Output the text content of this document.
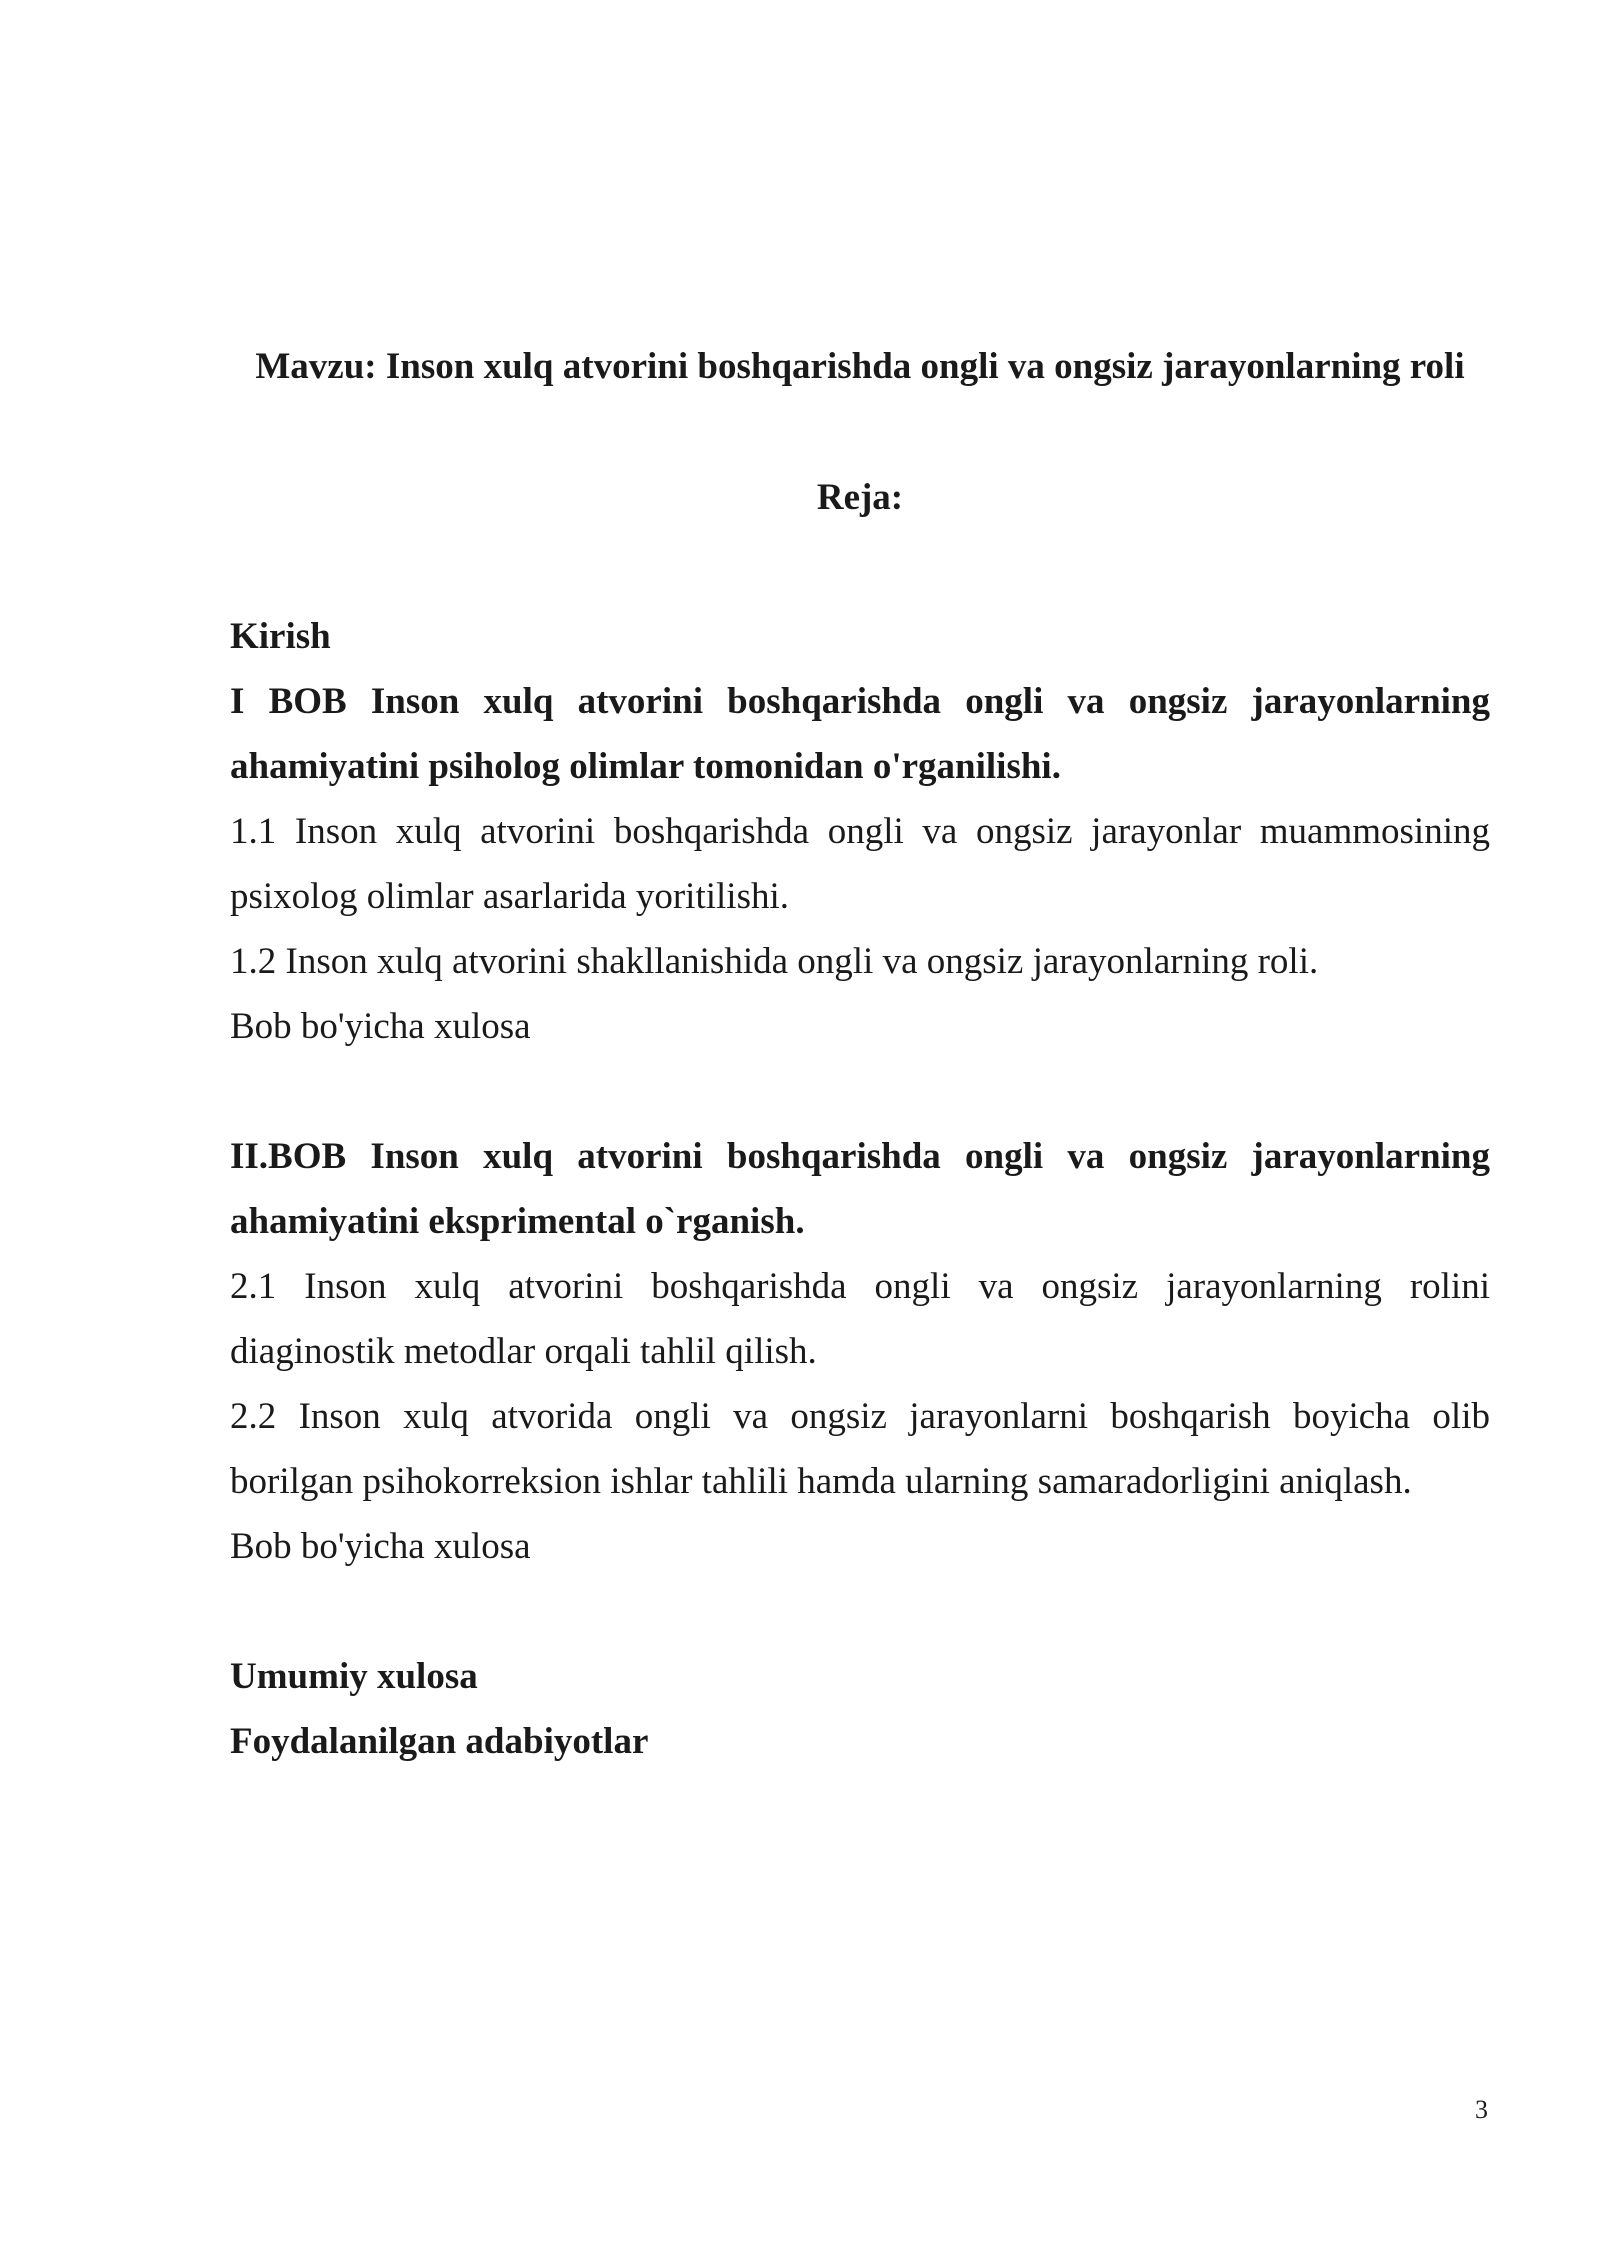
Mavzu: Inson xulq atvorini boshqarishda ongli va ongsiz jarayonlarning roli
Reja:

Kirish

I BOB Inson xulq atvorini boshqarishda ongli va ongsiz jarayonlarning ahamiyatini psiholog olimlar tomonidan o'rganilishi.

1.1 Inson xulq atvorini boshqarishda ongli va ongsiz jarayonlar muammosining psixolog olimlar asarlarida yoritilishi.

1.2 Inson xulq atvorini shakllanishida ongli va ongsiz jarayonlarning roli.

Bob bo'yicha xulosa

II.BOB Inson xulq atvorini boshqarishda ongli va ongsiz jarayonlarning ahamiyatini eksprimental o`rganish.

2.1 Inson xulq atvorini boshqarishda ongli va ongsiz jarayonlarning rolini diaginostik metodlar orqali tahlil qilish.

2.2 Inson xulq atvorida ongli va ongsiz jarayonlarni boshqarish boyicha olib borilgan psihokorreksion ishlar tahlili hamda ularning samaradorligini aniqlash.

Bob bo'yicha xulosa

Umumiy xulosa

Foydalanilgan adabiyotlar

3
